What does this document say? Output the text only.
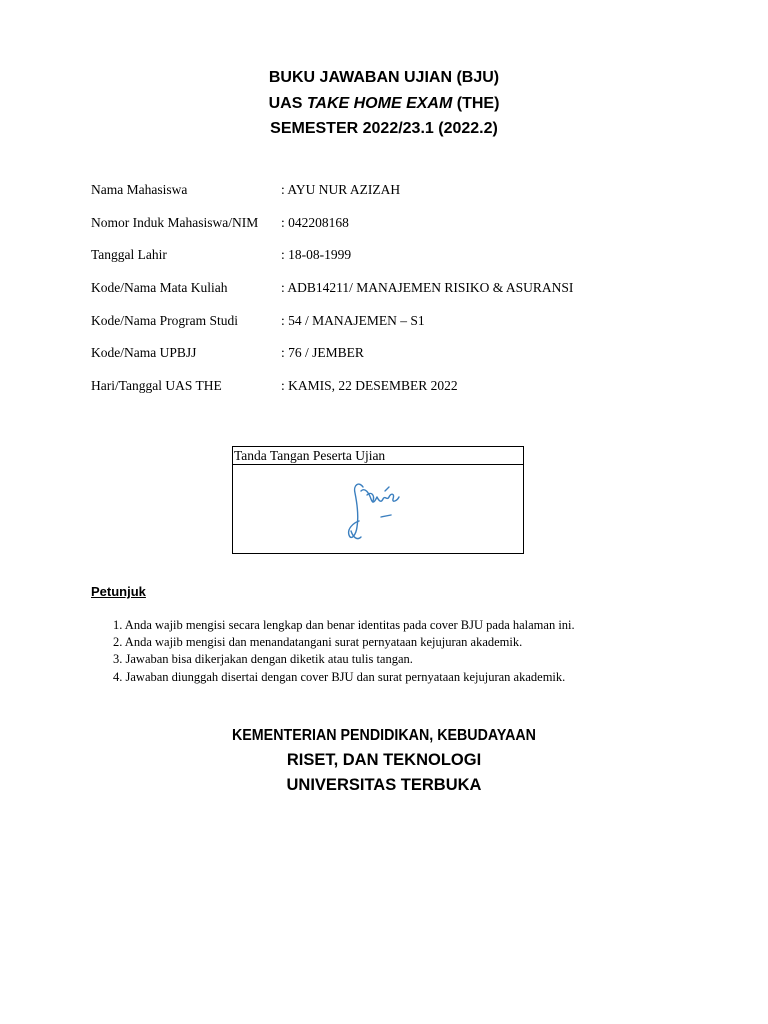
BUKU JAWABAN UJIAN (BJU)
UAS TAKE HOME EXAM (THE)
SEMESTER 2022/23.1 (2022.2)
Nama Mahasiswa	: AYU NUR AZIZAH
Nomor Induk Mahasiswa/NIM : 042208168
Tanggal Lahir	: 18-08-1999
Kode/Nama Mata Kuliah	: ADB14211/ MANAJEMEN RISIKO & ASURANSI
Kode/Nama Program Studi	: 54 / MANAJEMEN – S1
Kode/Nama UPBJJ	: 76 / JEMBER
Hari/Tanggal UAS THE	: KAMIS, 22 DESEMBER 2022
Tanda Tangan Peserta Ujian
Petunjuk
1. Anda wajib mengisi secara lengkap dan benar identitas pada cover BJU pada halaman ini.
2. Anda wajib mengisi dan menandatangani surat pernyataan kejujuran akademik.
3. Jawaban bisa dikerjakan dengan diketik atau tulis tangan.
4. Jawaban diunggah disertai dengan cover BJU dan surat pernyataan kejujuran akademik.
KEMENTERIAN PENDIDIKAN, KEBUDAYAAN
RISET, DAN TEKNOLOGI
UNIVERSITAS TERBUKA
